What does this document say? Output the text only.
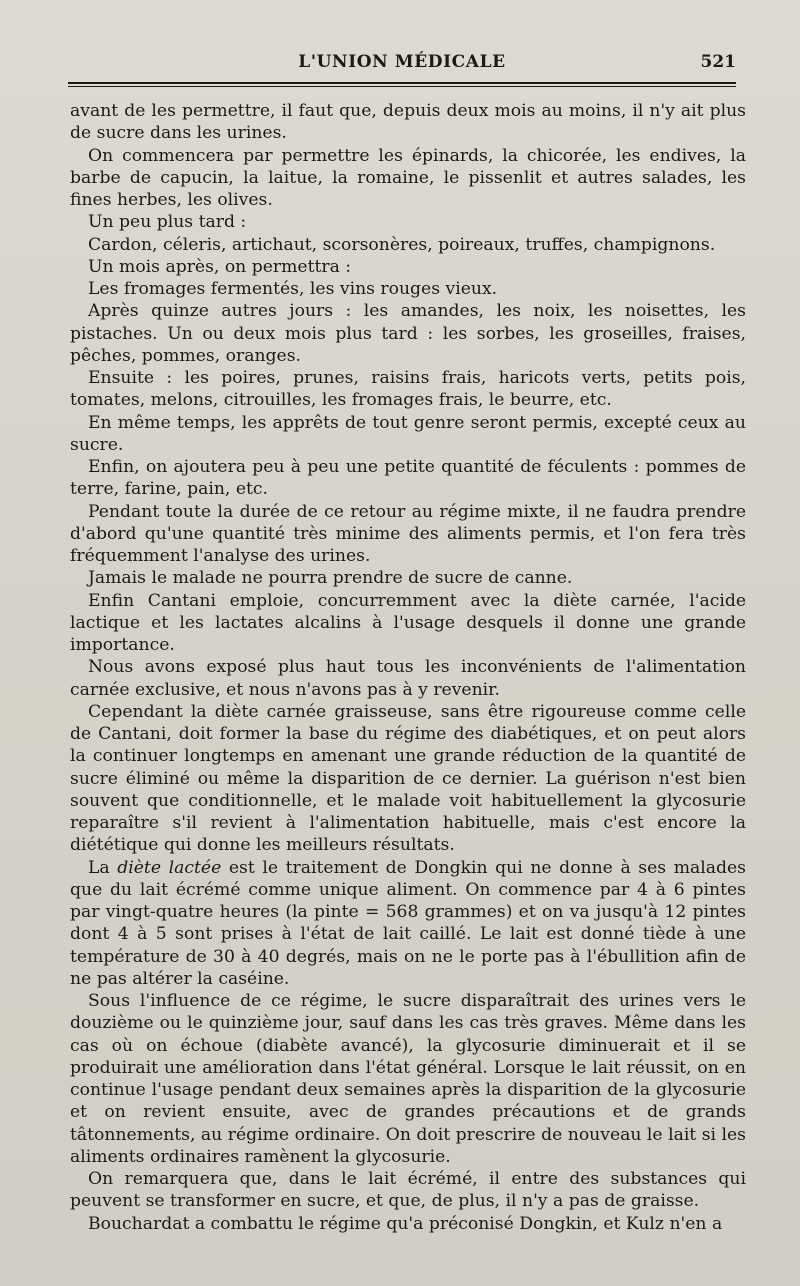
L'UNION MÉDICALE	521

avant de les permettre, il faut que, depuis deux mois au moins, il n'y ait plus de sucre dans les urines.

On commencera par permettre les épinards, la chicorée, les endives, la barbe de capucin, la laitue, la romaine, le pissenlit et autres salades, les fines herbes, les olives.

Un peu plus tard :

Cardon, céleris, artichaut, scorsonères, poireaux, truffes, champignons.

Un mois après, on permettra :

Les fromages fermentés, les vins rouges vieux.

Après quinze autres jours : les amandes, les noix, les noisettes, les pistaches. Un ou deux mois plus tard : les sorbes, les groseilles, fraises, pêches, pommes, oranges.

Ensuite : les poires, prunes, raisins frais, haricots verts, petits pois, tomates, melons, citrouilles, les fromages frais, le beurre, etc.

En même temps, les apprêts de tout genre seront permis, excepté ceux au sucre.

Enfin, on ajoutera peu à peu une petite quantité de féculents : pommes de terre, farine, pain, etc.

Pendant toute la durée de ce retour au régime mixte, il ne faudra prendre d'abord qu'une quantité très minime des aliments permis, et l'on fera très fréquemment l'analyse des urines.

Jamais le malade ne pourra prendre de sucre de canne.

Enfin Cantani emploie, concurremment avec la diète carnée, l'acide lactique et les lactates alcalins à l'usage desquels il donne une grande importance.

Nous avons exposé plus haut tous les inconvénients de l'alimentation carnée exclusive, et nous n'avons pas à y revenir.

Cependant la diète carnée graisseuse, sans être rigoureuse comme celle de Cantani, doit former la base du régime des diabétiques, et on peut alors la continuer longtemps en amenant une grande réduction de la quantité de sucre éliminé ou même la disparition de ce dernier. La guérison n'est bien souvent que conditionnelle, et le malade voit habituellement la glycosurie reparaître s'il revient à l'alimentation habituelle, mais c'est encore la diététique qui donne les meilleurs résultats.

La diète lactée est le traitement de Dongkin qui ne donne à ses malades que du lait écrémé comme unique aliment. On commence par 4 à 6 pintes par vingt-quatre heures (la pinte = 568 grammes) et on va jusqu'à 12 pintes dont 4 à 5 sont prises à l'état de lait caillé. Le lait est donné tiède à une température de 30 à 40 degrés, mais on ne le porte pas à l'ébullition afin de ne pas altérer la caséine.

Sous l'influence de ce régime, le sucre disparaîtrait des urines vers le douzième ou le quinzième jour, sauf dans les cas très graves. Même dans les cas où on échoue (diabète avancé), la glycosurie diminuerait et il se produirait une amélioration dans l'état général. Lorsque le lait réussit, on en continue l'usage pendant deux semaines après la disparition de la glycosurie et on revient ensuite, avec de grandes précautions et de grands tâtonnements, au régime ordinaire. On doit prescrire de nouveau le lait si les aliments ordinaires ramènent la glycosurie.

On remarquera que, dans le lait écrémé, il entre des substances qui peuvent se transformer en sucre, et que, de plus, il n'y a pas de graisse.

Bouchardat a combattu le régime qu'a préconisé Dongkin, et Kulz n'en a
